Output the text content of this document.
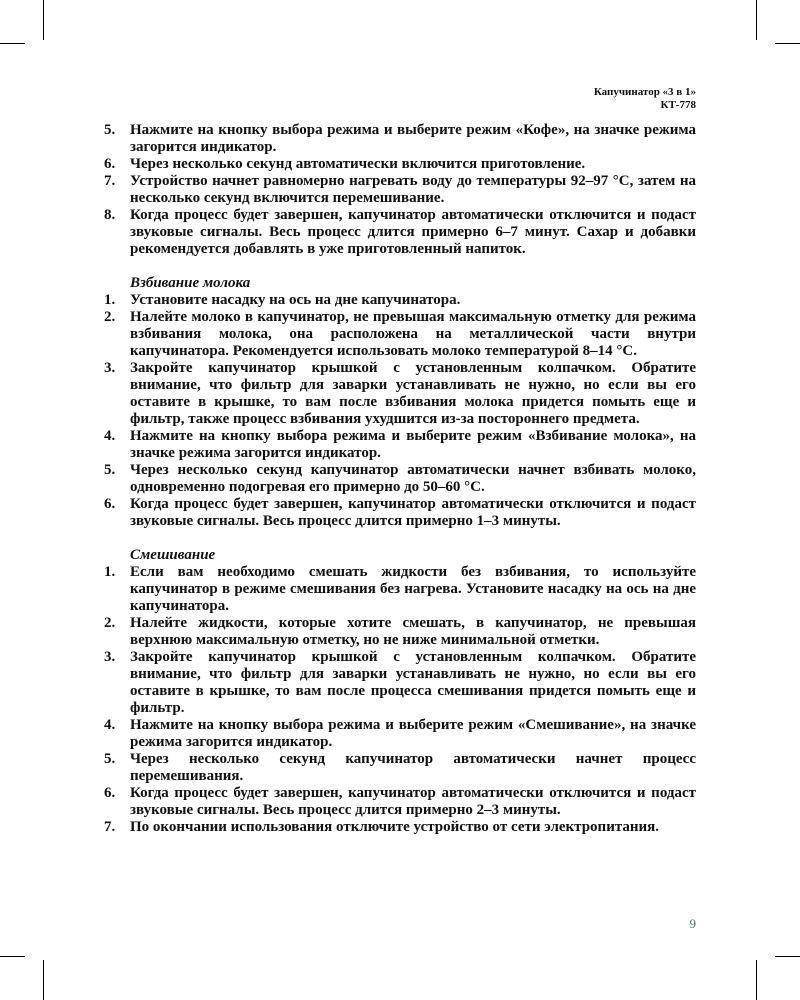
Капучинатор «3 в 1»
КТ-778
5. Нажмите на кнопку выбора режима и выберите режим «Кофе», на значке режима загорится индикатор.
6. Через несколько секунд автоматически включится приготовление.
7. Устройство начнет равномерно нагревать воду до температуры 92–97 °С, затем на несколько секунд включится перемешивание.
8. Когда процесс будет завершен, капучинатор автоматически отключится и подаст звуковые сигналы. Весь процесс длится примерно 6–7 минут. Сахар и добавки рекомендуется добавлять в уже приготовленный напиток.
Взбивание молока
1. Установите насадку на ось на дне капучинатора.
2. Налейте молоко в капучинатор, не превышая максимальную отметку для режима взбивания молока, она расположена на металлической части внутри капучинатора. Рекомендуется использовать молоко температурой 8–14 °С.
3. Закройте капучинатор крышкой с установленным колпачком. Обратите внимание, что фильтр для заварки устанавливать не нужно, но если вы его оставите в крышке, то вам после взбивания молока придется помыть еще и фильтр, также процесс взбивания ухудшится из-за постороннего предмета.
4. Нажмите на кнопку выбора режима и выберите режим «Взбивание молока», на значке режима загорится индикатор.
5. Через несколько секунд капучинатор автоматически начнет взбивать молоко, одновременно подогревая его примерно до 50–60 °С.
6. Когда процесс будет завершен, капучинатор автоматически отключится и подаст звуковые сигналы. Весь процесс длится примерно 1–3 минуты.
Смешивание
1. Если вам необходимо смешать жидкости без взбивания, то используйте капучинатор в режиме смешивания без нагрева. Установите насадку на ось на дне капучинатора.
2. Налейте жидкости, которые хотите смешать, в капучинатор, не превышая верхнюю максимальную отметку, но не ниже минимальной отметки.
3. Закройте капучинатор крышкой с установленным колпачком. Обратите внимание, что фильтр для заварки устанавливать не нужно, но если вы его оставите в крышке, то вам после процесса смешивания придется помыть еще и фильтр.
4. Нажмите на кнопку выбора режима и выберите режим «Смешивание», на значке режима загорится индикатор.
5. Через несколько секунд капучинатор автоматически начнет процесс перемешивания.
6. Когда процесс будет завершен, капучинатор автоматически отключится и подаст звуковые сигналы. Весь процесс длится примерно 2–3 минуты.
7. По окончании использования отключите устройство от сети электропитания.
9
